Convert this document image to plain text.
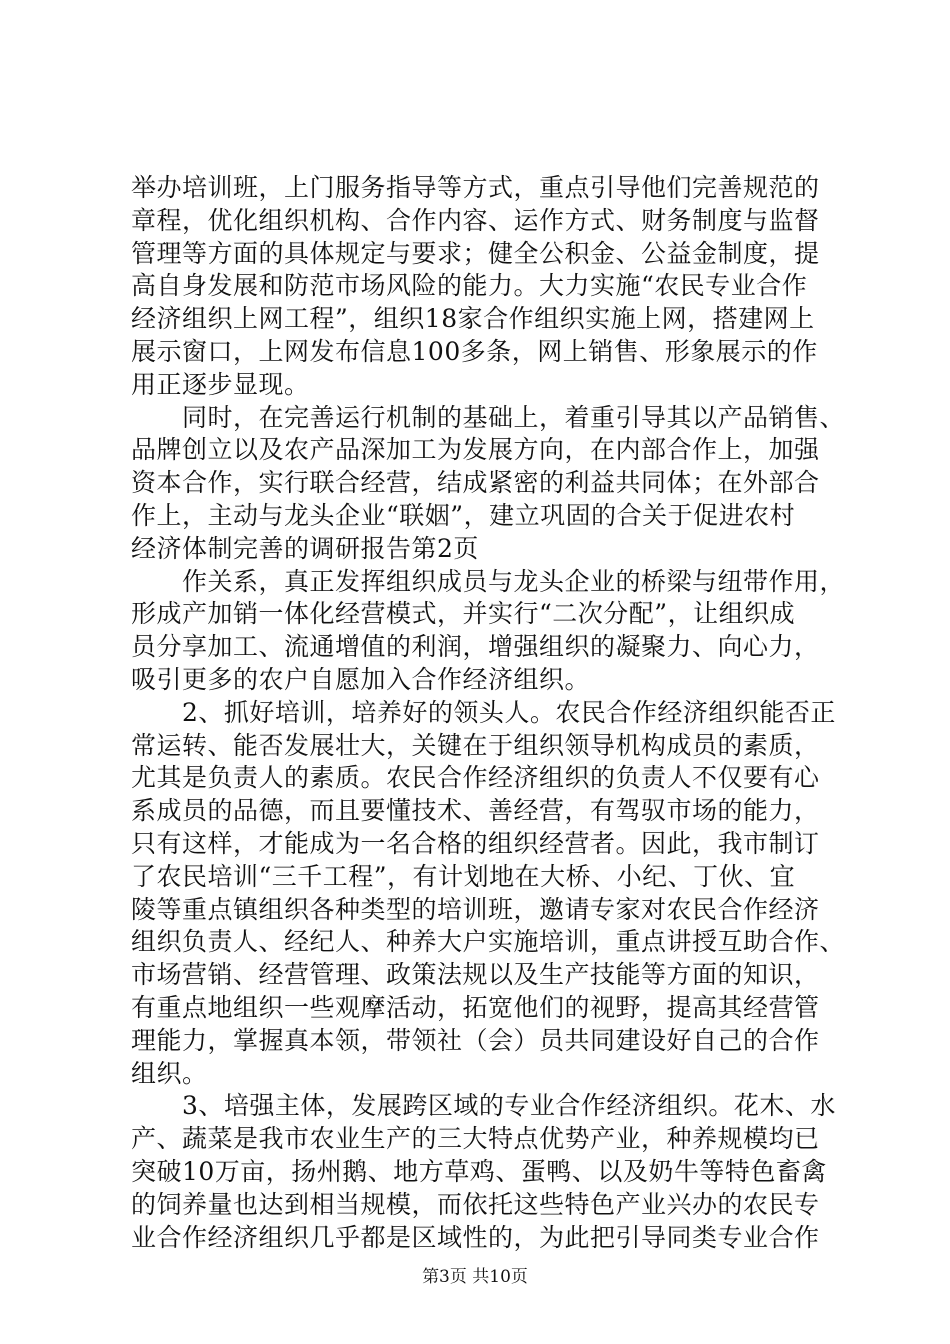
举办培训班，上门服务指导等方式，重点引导他们完善规范的
章程，优化组织机构、合作内容、运作方式、财务制度与监督
管理等方面的具体规定与要求；健全公积金、公益金制度，提
高自身发展和防范市场风险的能力。大力实施“农民专业合作
经济组织上网工程”，组织18家合作组织实施上网，搭建网上
展示窗口，上网发布信息100多条，网上销售、形象展示的作
用正逐步显现。
　　同时，在完善运行机制的基础上，着重引导其以产品销售、
品牌创立以及农产品深加工为发展方向，在内部合作上，加强
资本合作，实行联合经营，结成紧密的利益共同体；在外部合
作上，主动与龙头企业“联姻”，建立巩固的合关于促进农村
经济体制完善的调研报告第2页
　　作关系，真正发挥组织成员与龙头企业的桥梁与纽带作用，
形成产加销一体化经营模式，并实行“二次分配”，让组织成
员分享加工、流通增值的利润，增强组织的凝聚力、向心力，
吸引更多的农户自愿加入合作经济组织。
　　2、抓好培训，培养好的领头人。农民合作经济组织能否正
常运转、能否发展壮大，关键在于组织领导机构成员的素质，
尤其是负责人的素质。农民合作经济组织的负责人不仅要有心
系成员的品德，而且要懂技术、善经营，有驾驭市场的能力，
只有这样，才能成为一名合格的组织经营者。因此，我市制订
了农民培训“三千工程”，有计划地在大桥、小纪、丁伙、宜
陵等重点镇组织各种类型的培训班，邀请专家对农民合作经济
组织负责人、经纪人、种养大户实施培训，重点讲授互助合作、
市场营销、经营管理、政策法规以及生产技能等方面的知识，
有重点地组织一些观摩活动，拓宽他们的视野，提高其经营管
理能力，掌握真本领，带领社（会）员共同建设好自己的合作
组织。
　　3、培强主体，发展跨区域的专业合作经济组织。花木、水
产、蔬菜是我市农业生产的三大特点优势产业，种养规模均已
突破10万亩，扬州鹅、地方草鸡、蛋鸭、以及奶牛等特色畜禽
的饲养量也达到相当规模，而依托这些特色产业兴办的农民专
业合作经济组织几乎都是区域性的，为此把引导同类专业合作
第3页 共10页
